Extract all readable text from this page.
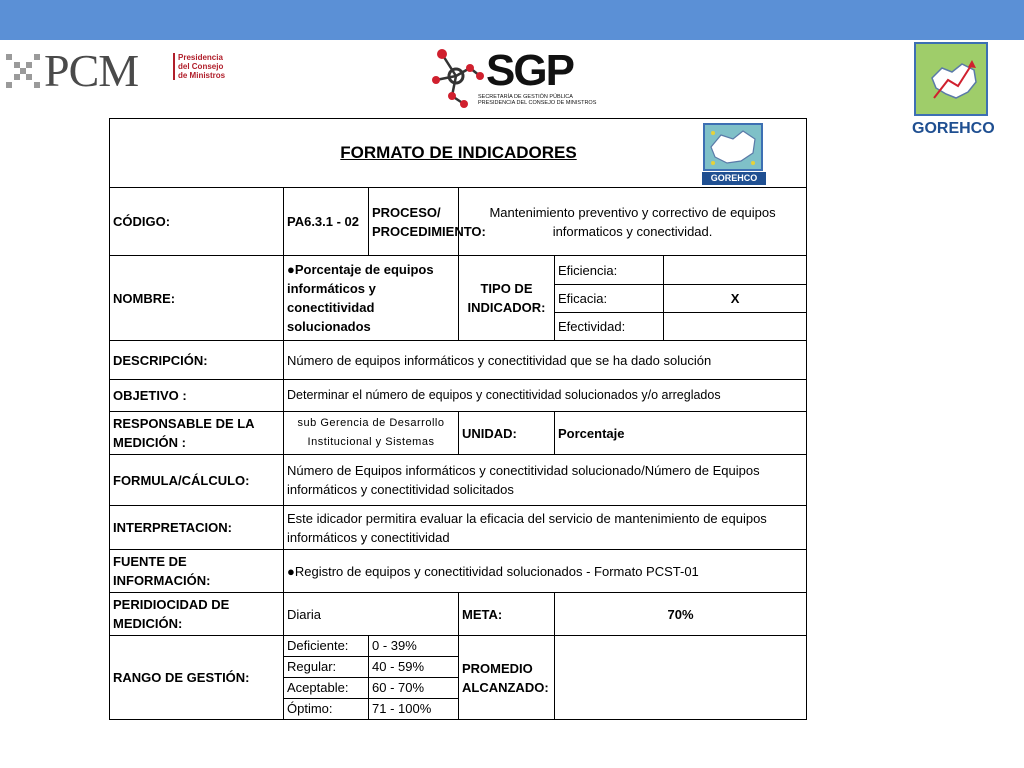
PCM	Presidencia
del Consejo
de Ministros	SGP
SECRETARÍA DE GESTIÓN PÚBLICA
PRESIDENCIA DEL CONSEJO DE MINISTROS
GOREHCO
FORMATO DE INDICADORES
GOREHCO					

CÓDIGO:	PA6.3.1 - 02	PROCESO/ PROCEDIMIENTO:	Mantenimiento preventivo y correctivo de equipos informaticos y conectividad.		
NOMBRE:	●Porcentaje de equipos informáticos y conectitividad solucionados		TIPO DE INDICADOR:	Eficiencia:	
				Eficacia:	X
				Efectividad:	
DESCRIPCIÓN:	Número de equipos informáticos y conectitividad que se ha dado solución				
OBJETIVO :	Determinar el número de equipos y conectitividad solucionados y/o arreglados				
RESPONSABLE DE LA MEDICIÓN :	sub Gerencia de Desarrollo Institucional y Sistemas		UNIDAD:	Porcentaje	
FORMULA/CÁLCULO:	Número de Equipos informáticos y conectitividad solucionado/Número de Equipos informáticos y conectitividad solicitados				
INTERPRETACION:	Este idicador permitira evaluar la eficacia del servicio de mantenimiento de equipos informáticos y conectitividad				
FUENTE DE INFORMACIÓN:	●Registro de equipos y conectitividad solucionados - Formato PCST-01				
PERIDIOCIDAD DE MEDICIÓN:	Diaria		META:	70%	
RANGO DE GESTIÓN:	Deficiente:	0 - 39%	PROMEDIO ALCANZADO:		
	Regular:	40 - 59%			
	Aceptable:	60 - 70%			
	Óptimo:	71 - 100%			
